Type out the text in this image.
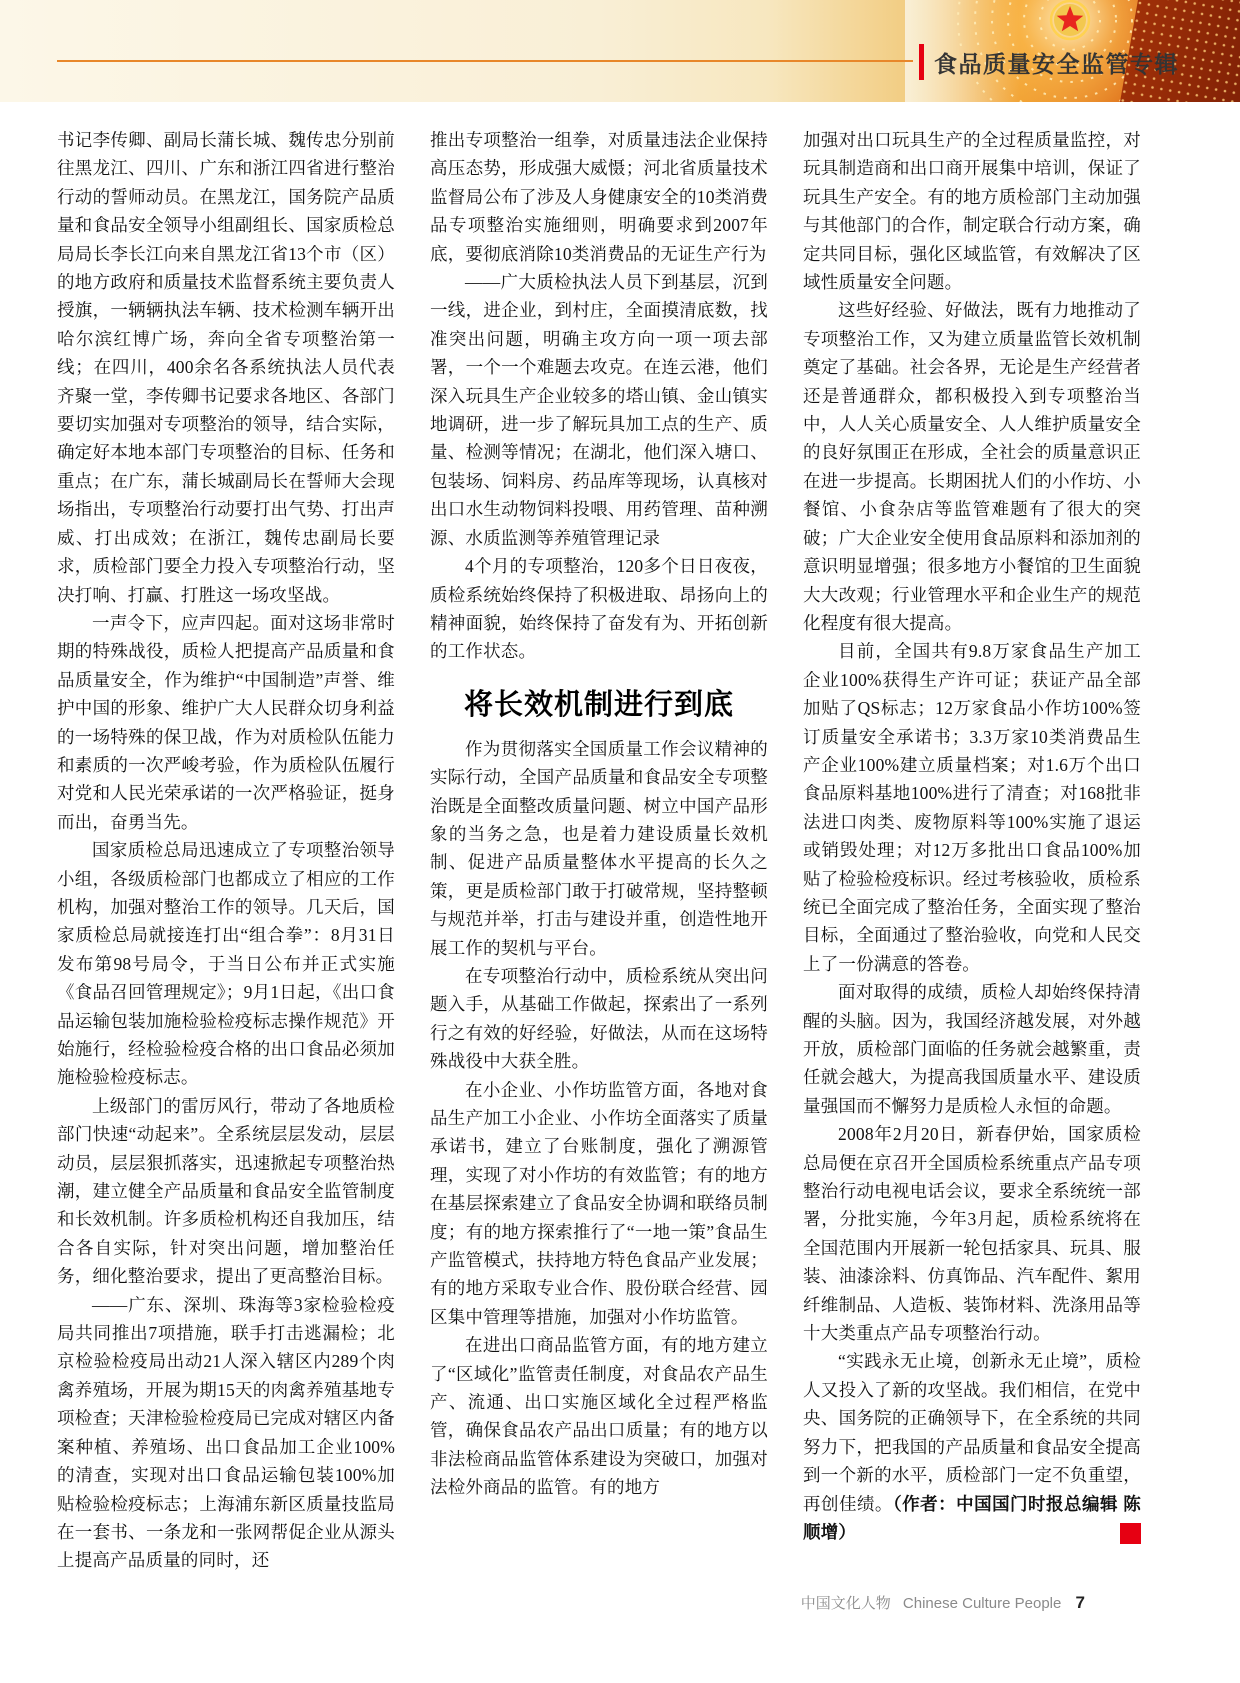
食品质量安全监管专辑

书记李传卿、副局长蒲长城、魏传忠分别前往黑龙江、四川、广东和浙江四省进行整治行动的誓师动员。在黑龙江，国务院产品质量和食品安全领导小组副组长、国家质检总局局长李长江向来自黑龙江省13个市（区）的地方政府和质量技术监督系统主要负责人授旗，一辆辆执法车辆、技术检测车辆开出哈尔滨红博广场，奔向全省专项整治第一线；在四川，400余名各系统执法人员代表齐聚一堂，李传卿书记要求各地区、各部门要切实加强对专项整治的领导，结合实际，确定好本地本部门专项整治的目标、任务和重点；在广东，蒲长城副局长在誓师大会现场指出，专项整治行动要打出气势、打出声威、打出成效；在浙江，魏传忠副局长要求，质检部门要全力投入专项整治行动，坚决打响、打赢、打胜这一场攻坚战。

一声令下，应声四起。面对这场非常时期的特殊战役，质检人把提高产品质量和食品质量安全，作为维护“中国制造”声誉、维护中国的形象、维护广大人民群众切身利益的一场特殊的保卫战，作为对质检队伍能力和素质的一次严峻考验，作为质检队伍履行对党和人民光荣承诺的一次严格验证，挺身而出，奋勇当先。

国家质检总局迅速成立了专项整治领导小组，各级质检部门也都成立了相应的工作机构，加强对整治工作的领导。几天后，国家质检总局就接连打出“组合拳”：8月31日发布第98号局令，于当日公布并正式实施《食品召回管理规定》；9月1日起，《出口食品运输包装加施检验检疫标志操作规范》开始施行，经检验检疫合格的出口食品必须加施检验检疫标志。

上级部门的雷厉风行，带动了各地质检部门快速“动起来”。全系统层层发动，层层动员，层层狠抓落实，迅速掀起专项整治热潮，建立健全产品质量和食品安全监管制度和长效机制。许多质检机构还自我加压，结合各自实际，针对突出问题，增加整治任务，细化整治要求，提出了更高整治目标。

——广东、深圳、珠海等3家检验检疫局共同推出7项措施，联手打击逃漏检；北京检验检疫局出动21人深入辖区内289个肉禽养殖场，开展为期15天的肉禽养殖基地专项检查；天津检验检疫局已完成对辖区内备案种植、养殖场、出口食品加工企业100%的清查，实现对出口食品运输包装100%加贴检验检疫标志；上海浦东新区质量技监局在一套书、一条龙和一张网帮促企业从源头上提高产品质量的同时，还

推出专项整治一组拳，对质量违法企业保持高压态势，形成强大威慑；河北省质量技术监督局公布了涉及人身健康安全的10类消费品专项整治实施细则，明确要求到2007年底，要彻底消除10类消费品的无证生产行为

——广大质检执法人员下到基层，沉到一线，进企业，到村庄，全面摸清底数，找准突出问题，明确主攻方向一项一项去部署，一个一个难题去攻克。在连云港，他们深入玩具生产企业较多的塔山镇、金山镇实地调研，进一步了解玩具加工点的生产、质量、检测等情况；在湖北，他们深入塘口、包装场、饲料房、药品库等现场，认真核对出口水生动物饲料投喂、用药管理、苗种溯源、水质监测等养殖管理记录

4个月的专项整治，120多个日日夜夜，质检系统始终保持了积极进取、昂扬向上的精神面貌，始终保持了奋发有为、开拓创新的工作状态。

将长效机制进行到底

作为贯彻落实全国质量工作会议精神的实际行动，全国产品质量和食品安全专项整治既是全面整改质量问题、树立中国产品形象的当务之急，也是着力建设质量长效机制、促进产品质量整体水平提高的长久之策，更是质检部门敢于打破常规，坚持整顿与规范并举，打击与建设并重，创造性地开展工作的契机与平台。

在专项整治行动中，质检系统从突出问题入手，从基础工作做起，探索出了一系列行之有效的好经验，好做法，从而在这场特殊战役中大获全胜。

在小企业、小作坊监管方面，各地对食品生产加工小企业、小作坊全面落实了质量承诺书，建立了台账制度，强化了溯源管理，实现了对小作坊的有效监管；有的地方在基层探索建立了食品安全协调和联络员制度；有的地方探索推行了“一地一策”食品生产监管模式，扶持地方特色食品产业发展；有的地方采取专业合作、股份联合经营、园区集中管理等措施，加强对小作坊监管。

在进出口商品监管方面，有的地方建立了“区域化”监管责任制度，对食品农产品生产、流通、出口实施区域化全过程严格监管，确保食品农产品出口质量；有的地方以非法检商品监管体系建设为突破口，加强对法检外商品的监管。有的地方

加强对出口玩具生产的全过程质量监控，对玩具制造商和出口商开展集中培训，保证了玩具生产安全。有的地方质检部门主动加强与其他部门的合作，制定联合行动方案，确定共同目标，强化区域监管，有效解决了区域性质量安全问题。

这些好经验、好做法，既有力地推动了专项整治工作，又为建立质量监管长效机制奠定了基础。社会各界，无论是生产经营者还是普通群众，都积极投入到专项整治当中，人人关心质量安全、人人维护质量安全的良好氛围正在形成，全社会的质量意识正在进一步提高。长期困扰人们的小作坊、小餐馆、小食杂店等监管难题有了很大的突破；广大企业安全使用食品原料和添加剂的意识明显增强；很多地方小餐馆的卫生面貌大大改观；行业管理水平和企业生产的规范化程度有很大提高。

目前，全国共有9.8万家食品生产加工企业100%获得生产许可证；获证产品全部加贴了QS标志；12万家食品小作坊100%签订质量安全承诺书；3.3万家10类消费品生产企业100%建立质量档案；对1.6万个出口食品原料基地100%进行了清查；对168批非法进口肉类、废物原料等100%实施了退运或销毁处理；对12万多批出口食品100%加贴了检验检疫标识。经过考核验收，质检系统已全面完成了整治任务，全面实现了整治目标，全面通过了整治验收，向党和人民交上了一份满意的答卷。

面对取得的成绩，质检人却始终保持清醒的头脑。因为，我国经济越发展，对外越开放，质检部门面临的任务就会越繁重，责任就会越大，为提高我国质量水平、建设质量强国而不懈努力是质检人永恒的命题。

2008年2月20日，新春伊始，国家质检总局便在京召开全国质检系统重点产品专项整治行动电视电话会议，要求全系统统一部署，分批实施，今年3月起，质检系统将在全国范围内开展新一轮包括家具、玩具、服装、油漆涂料、仿真饰品、汽车配件、絮用纤维制品、人造板、装饰材料、洗涤用品等十大类重点产品专项整治行动。

“实践永无止境，创新永无止境”，质检人又投入了新的攻坚战。我们相信，在党中央、国务院的正确领导下，在全系统的共同努力下，把我国的产品质量和食品安全提高到一个新的水平，质检部门一定不负重望，再创佳绩。（作者：中国国门时报总编辑 陈顺增）	C

中国文化人物 Chinese Culture People 7
